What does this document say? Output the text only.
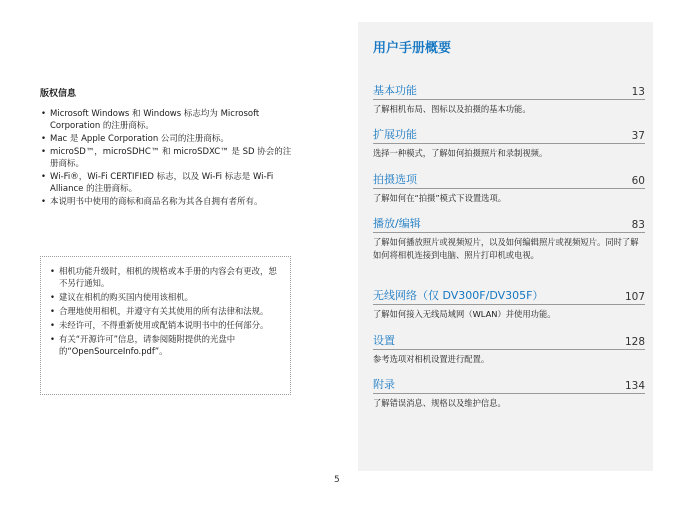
版权信息

• Microsoft Windows 和 Windows 标志均为 Microsoft Corporation 的注册商标。
• Mac 是 Apple Corporation 公司的注册商标。
• microSD™，microSDHC™ 和 microSDXC™ 是 SD 协会的注册商标。
• Wi-Fi®，Wi-Fi CERTIFIED 标志，以及 Wi-Fi 标志是 Wi-Fi Alliance 的注册商标。
• 本说明书中使用的商标和商品名称为其各自拥有者所有。
• 相机功能升级时，相机的规格或本手册的内容会有更改，恕不另行通知。
• 建议在相机的购买国内使用该相机。
• 合理地使用相机，并遵守有关其使用的所有法律和法规。
• 未经许可，不得重新使用或配销本说明书中的任何部分。
• 有关“开源许可”信息，请参阅随附提供的光盘中的“OpenSourceInfo.pdf”。
用户手册概要
基本功能	13
了解相机布局、图标以及拍摄的基本功能。
扩展功能	37
选择一种模式，了解如何拍摄照片和录制视频。
拍摄选项	60
了解如何在“拍摄”模式下设置选项。
播放/编辑	83
了解如何播放照片或视频短片，以及如何编辑照片或视频短片。同时了解如何将相机连接到电脑、照片打印机或电视。
无线网络（仅 DV300F/DV305F）	107
了解如何接入无线局域网（WLAN）并使用功能。
设置	128
参考选项对相机设置进行配置。
附录	134
了解错误消息、规格以及维护信息。
5
